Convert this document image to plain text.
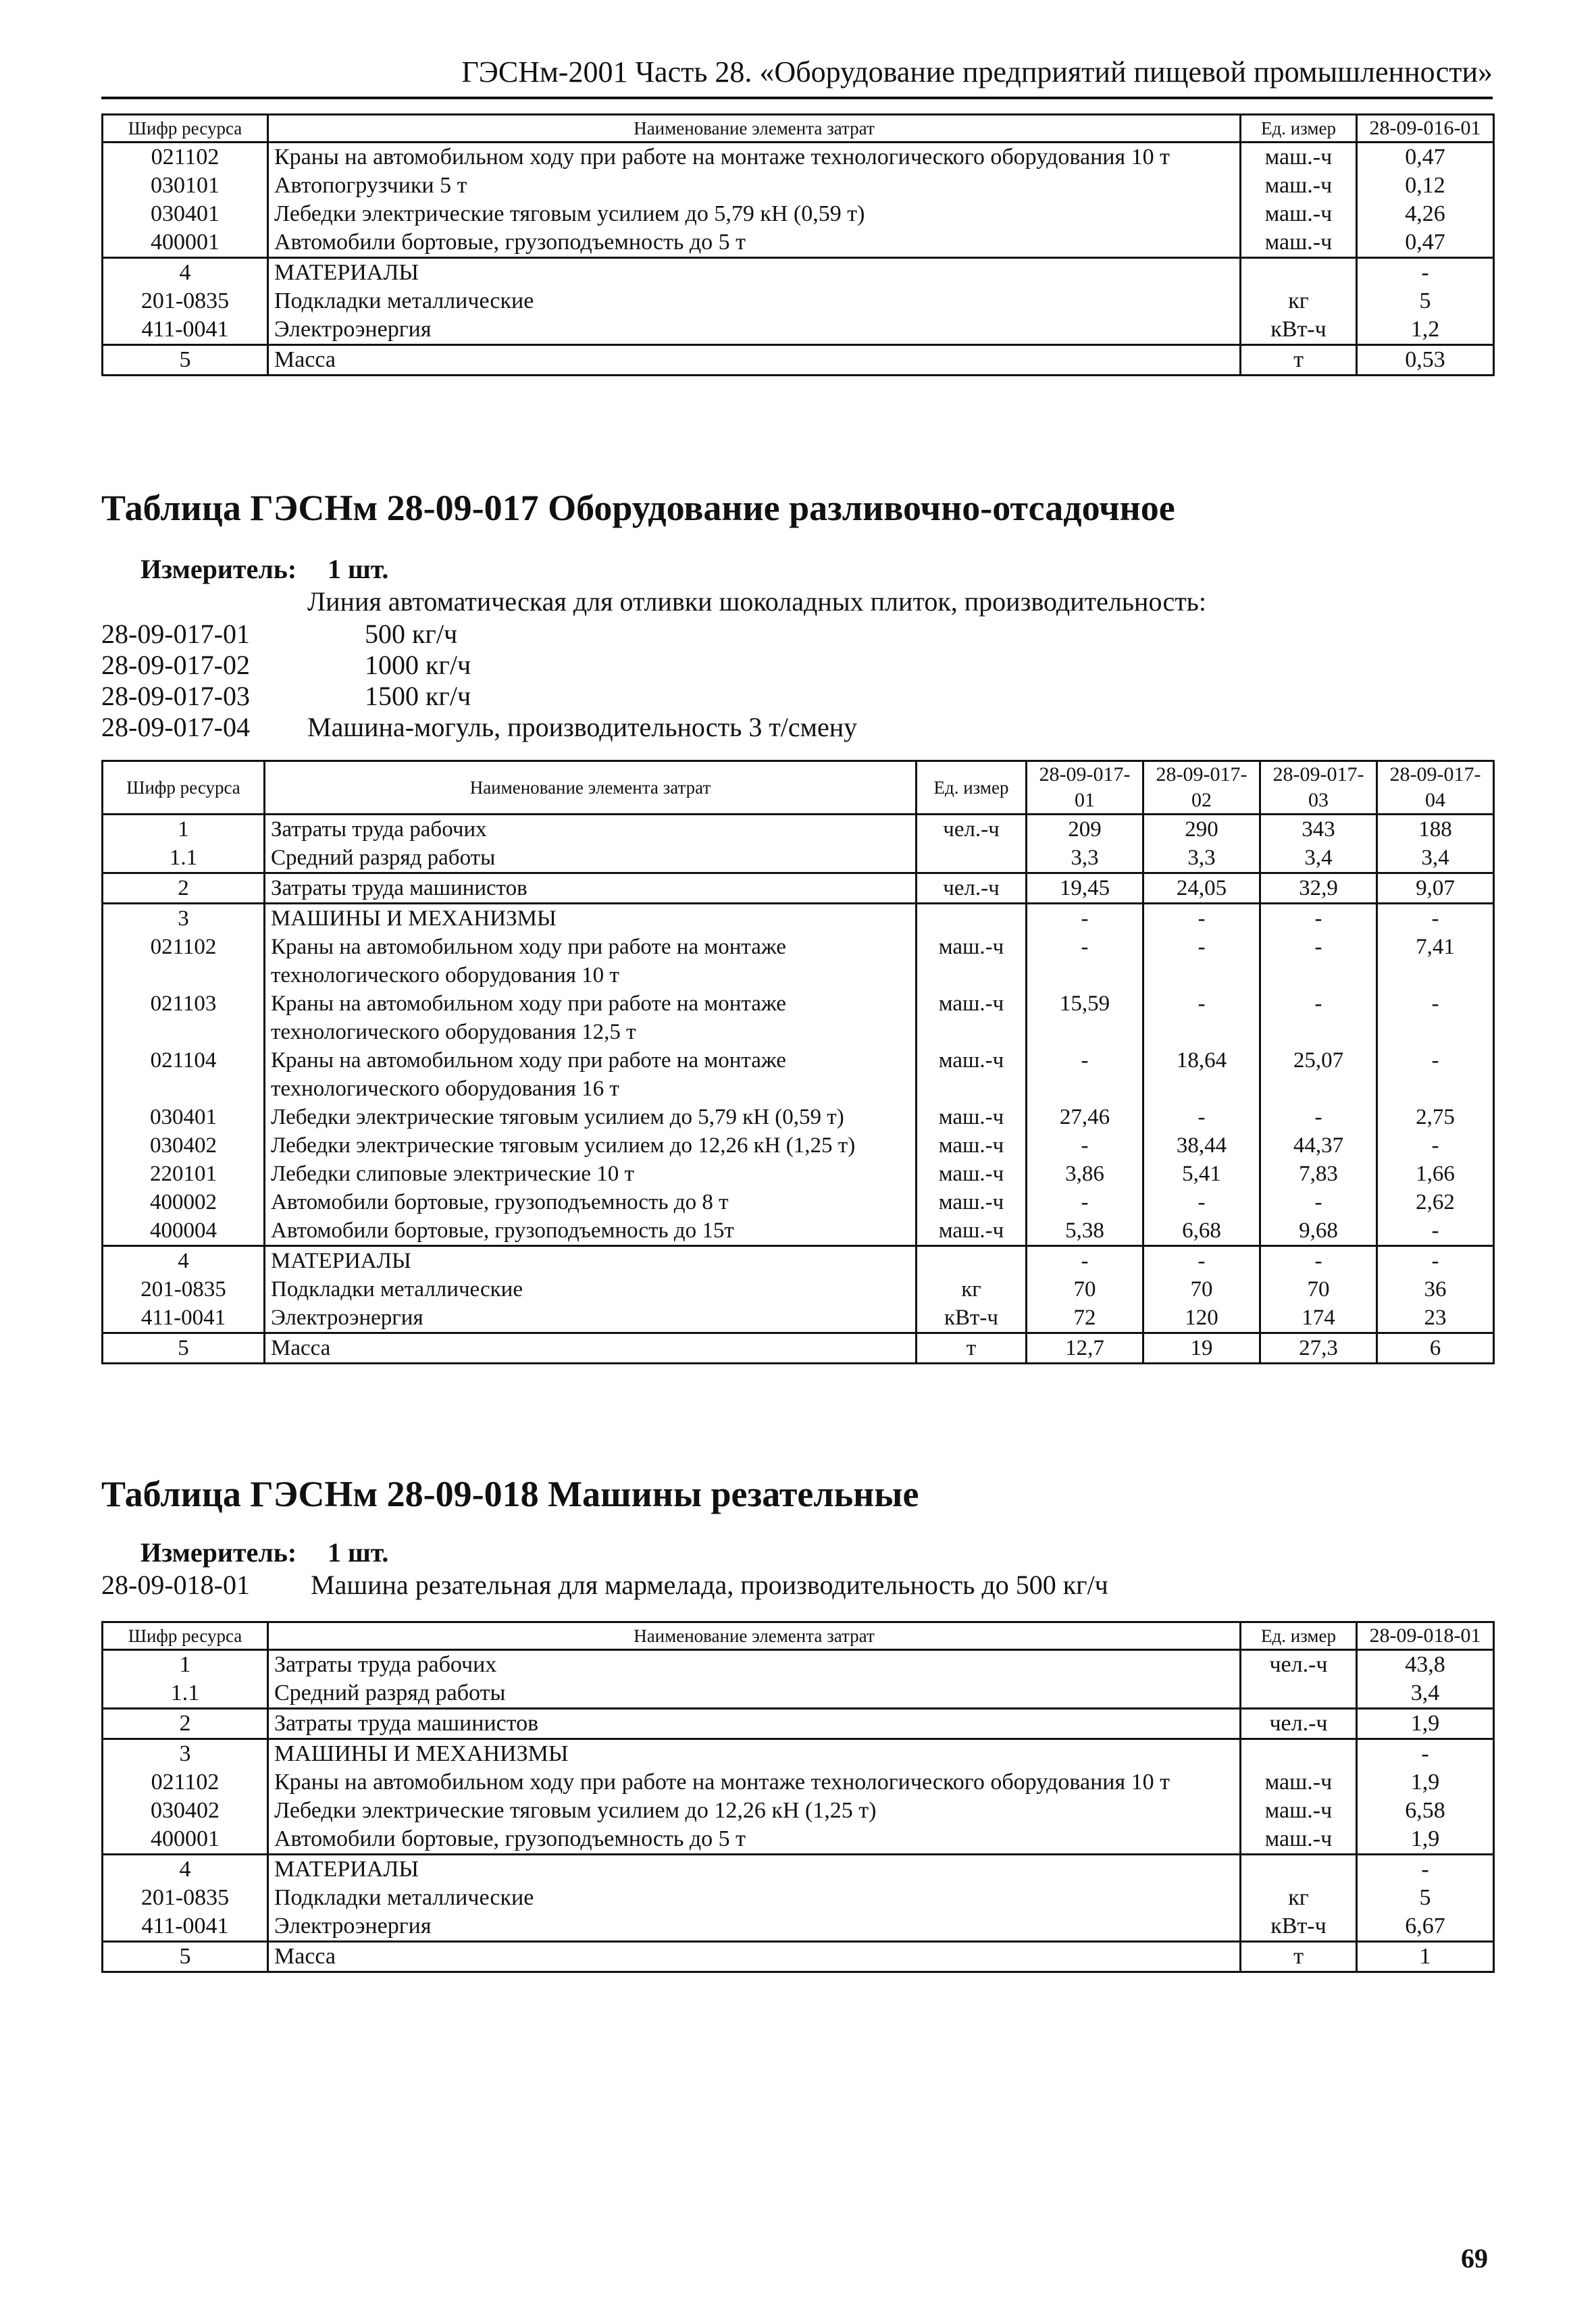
ГЭСНм-2001 Часть 28. «Оборудование предприятий пищевой промышленности»
Шифр ресурса	Наименование элемента затрат	Ед. измер	28-09-016-01
021102	Краны на автомобильном ходу при работе на монтаже технологического оборудования 10 т	маш.-ч	0,47
030101	Автопогрузчики 5 т	маш.-ч	0,12
030401	Лебедки электрические тяговым усилием до 5,79 кН (0,59 т)	маш.-ч	4,26
400001	Автомобили бортовые, грузоподъемность до 5 т	маш.-ч	0,47
4	МАТЕРИАЛЫ		-
201-0835	Подкладки металлические	кг	5
411-0041	Электроэнергия	кВт-ч	1,2
5	Масса	т	0,53
Таблица ГЭСНм 28-09-017 Оборудование разливочно-отсадочное
Измеритель: 1 шт.
Линия автоматическая для отливки шоколадных плиток, производительность:
28-09-017-01	500 кг/ч
28-09-017-02	1000 кг/ч
28-09-017-03	1500 кг/ч
28-09-017-04 Машина-могуль, производительность 3 т/смену
Шифр ресурса	Наименование элемента затрат	Ед. измер	28-09-017-01	28-09-017-02	28-09-017-03	28-09-017-04
1	Затраты труда рабочих	чел.-ч	209	290	343	188
1.1	Средний разряд работы		3,3	3,3	3,4	3,4
2	Затраты труда машинистов	чел.-ч	19,45	24,05	32,9	9,07
3	МАШИНЫ И МЕХАНИЗМЫ		-	-	-	-
021102	Краны на автомобильном ходу при работе на монтаже технологического оборудования 10 т	маш.-ч	-	-	-	7,41
021103	Краны на автомобильном ходу при работе на монтаже технологического оборудования 12,5 т	маш.-ч	15,59	-	-	-
021104	Краны на автомобильном ходу при работе на монтаже технологического оборудования 16 т	маш.-ч	-	18,64	25,07	-
030401	Лебедки электрические тяговым усилием до 5,79 кН (0,59 т)	маш.-ч	27,46	-	-	2,75
030402	Лебедки электрические тяговым усилием до 12,26 кН (1,25 т)	маш.-ч	-	38,44	44,37	-
220101	Лебедки слиповые электрические 10 т	маш.-ч	3,86	5,41	7,83	1,66
400002	Автомобили бортовые, грузоподъемность до 8 т	маш.-ч	-	-	-	2,62
400004	Автомобили бортовые, грузоподъемность до 15т	маш.-ч	5,38	6,68	9,68	-
4	МАТЕРИАЛЫ		-	-	-	-
201-0835	Подкладки металлические	кг	70	70	70	36
411-0041	Электроэнергия	кВт-ч	72	120	174	23
5	Масса	т	12,7	19	27,3	6
Таблица ГЭСНм 28-09-018 Машины резательные
Измеритель: 1 шт.
28-09-018-01 Машина резательная для мармелада, производительность до 500 кг/ч
Шифр ресурса	Наименование элемента затрат	Ед. измер	28-09-018-01
1	Затраты труда рабочих	чел.-ч	43,8
1.1	Средний разряд работы		3,4
2	Затраты труда машинистов	чел.-ч	1,9
3	МАШИНЫ И МЕХАНИЗМЫ		-
021102	Краны на автомобильном ходу при работе на монтаже технологического оборудования 10 т	маш.-ч	1,9
030402	Лебедки электрические тяговым усилием до 12,26 кН (1,25 т)	маш.-ч	6,58
400001	Автомобили бортовые, грузоподъемность до 5 т	маш.-ч	1,9
4	МАТЕРИАЛЫ		-
201-0835	Подкладки металлические	кг	5
411-0041	Электроэнергия	кВт-ч	6,67
5	Масса	т	1
69
